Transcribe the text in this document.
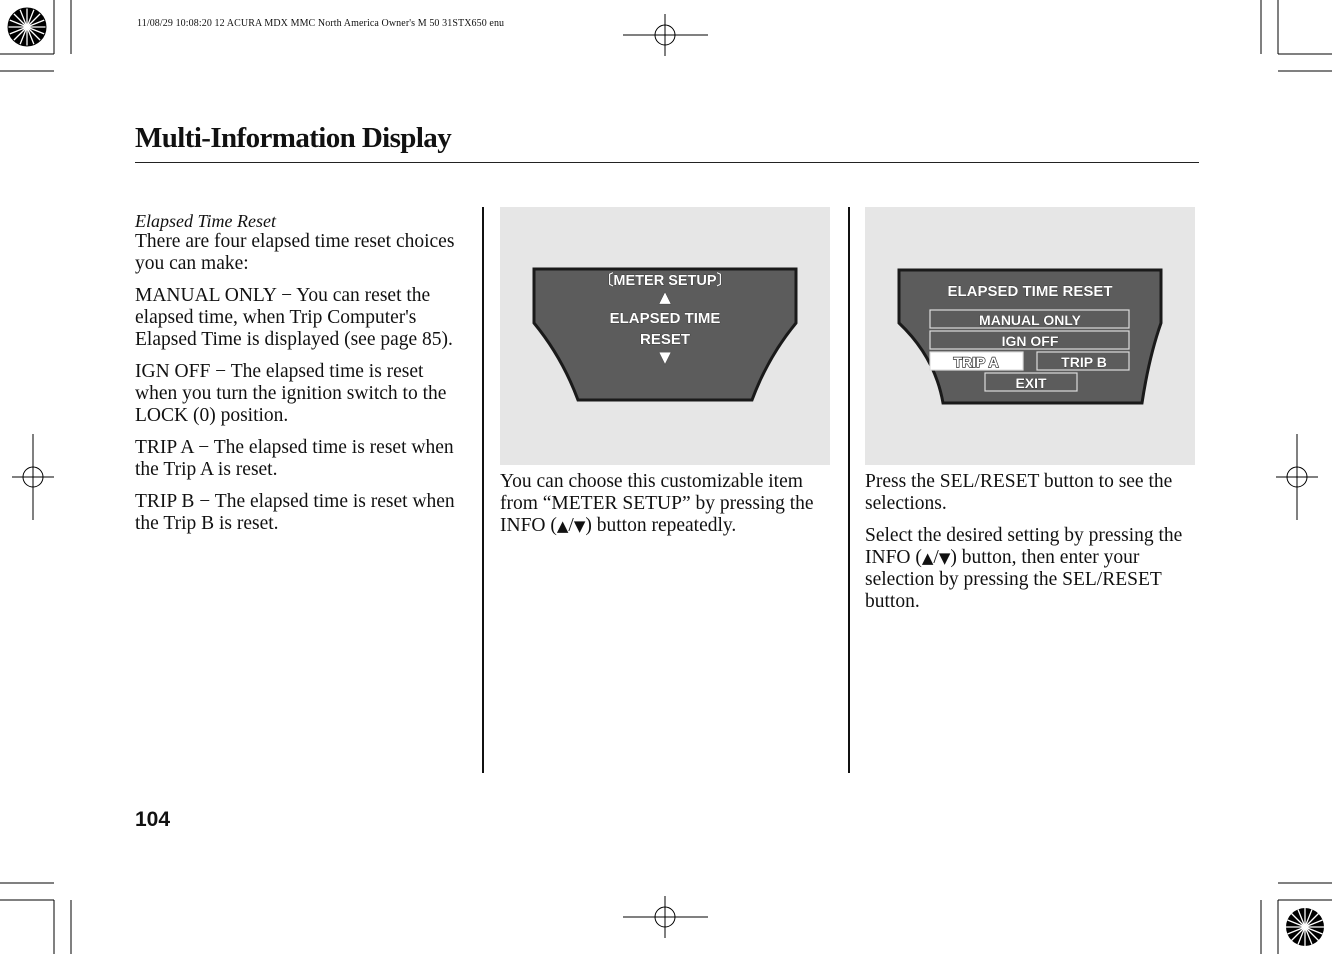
11/08/29 10:08:20 12 ACURA MDX MMC North America Owner's M 50 31STX650 enu
Multi-Information Display

Elapsed Time Reset

There are four elapsed time reset choices you can make:

MANUAL ONLY − You can reset the elapsed time, when Trip Computer's Elapsed Time is displayed (see page 85).

IGN OFF − The elapsed time is reset when you turn the ignition switch to the LOCK (0) position.

TRIP A − The elapsed time is reset when the Trip A is reset.

TRIP B − The elapsed time is reset when the Trip B is reset.

〔METER SETUP〕
▲
ELAPSED TIME
RESET
▼

You can choose this customizable item from “METER SETUP” by pressing the INFO (▲/▼) button repeatedly.

ELAPSED TIME RESET
MANUAL ONLY
IGN OFF
TRIP A	TRIP B
EXIT

Press the SEL/RESET button to see the selections.

Select the desired setting by pressing the INFO (▲/▼) button, then enter your selection by pressing the SEL/RESET button.

104
